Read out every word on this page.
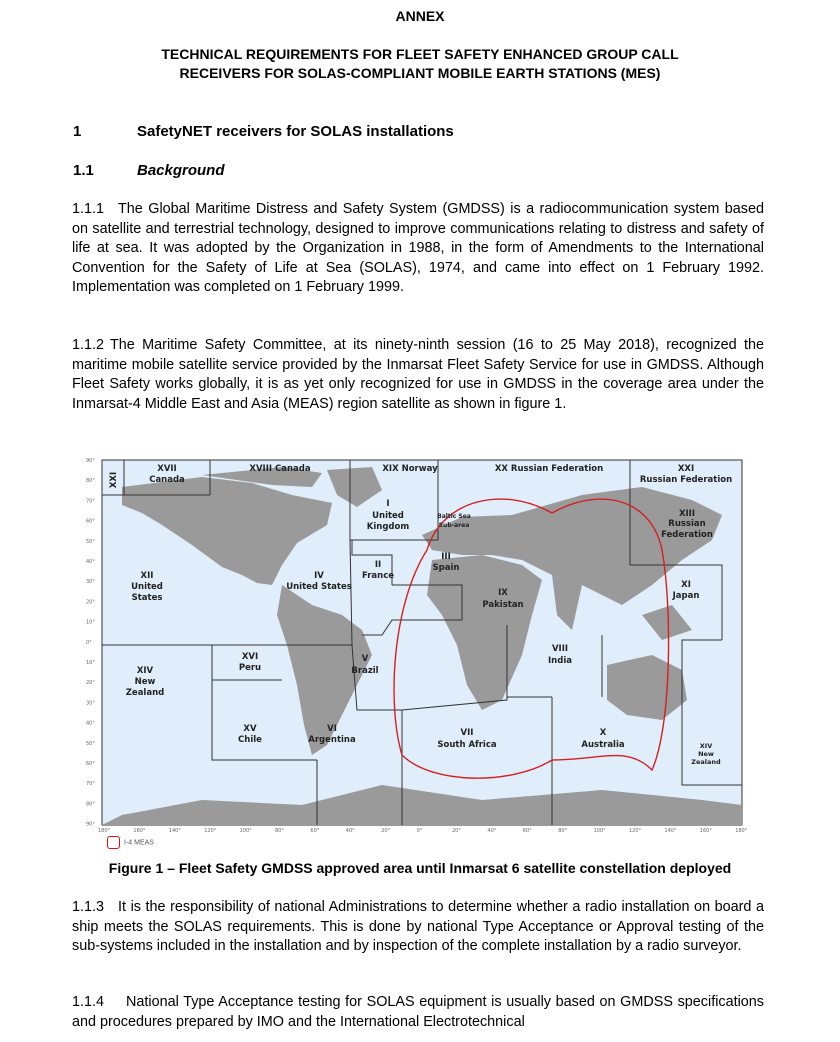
ANNEX
TECHNICAL REQUIREMENTS FOR FLEET SAFETY ENHANCED GROUP CALL
RECEIVERS FOR SOLAS-COMPLIANT MOBILE EARTH STATIONS (MES)
1	SafetyNET receivers for SOLAS installations
1.1	Background
1.1.1 The Global Maritime Distress and Safety System (GMDSS) is a radiocommunication system based on satellite and terrestrial technology, designed to improve communications relating to distress and safety of life at sea. It was adopted by the Organization in 1988, in the form of Amendments to the International Convention for the Safety of Life at Sea (SOLAS), 1974, and came into effect on 1 February 1992. Implementation was completed on 1 February 1999.
1.1.2 The Maritime Safety Committee, at its ninety-ninth session (16 to 25 May 2018), recognized the maritime mobile satellite service provided by the Inmarsat Fleet Safety Service for use in GMDSS. Although Fleet Safety works globally, it is as yet only recognized for use in GMDSS in the coverage area under the Inmarsat-4 Middle East and Asia (MEAS) region satellite as shown in figure 1.
XXI
XVII
Canada
XVIII Canada	XIX Norway	XX Russian Federation	XXI
Russian Federation
I
United
Kingdom
Baltic Sea
Sub-area
XIII
Russian
Federation
II
France
III
Spain
XII
United
States
IV
United States
IX
Pakistan
XI
Japan
VIII
India
XVI
Peru
V
Brazil
XIV
New
Zealand
XV
Chile
VI
Argentina
VII
South Africa
X
Australia	XIV
New
Zealand
90°
80°
70°
60°
50°
40°
30°
20°
10°
0°
10°
20°
30°
40°
50°
60°
70°
80°
90°
180°	160°	140°	120°	100°	80°	60°	40°	20°	0°	20°	40°	60°	80°	100°	120°	140°	160°	180°
I-4 MEAS
Figure 1 – Fleet Safety GMDSS approved area until Inmarsat 6 satellite constellation deployed
1.1.3 It is the responsibility of national Administrations to determine whether a radio installation on board a ship meets the SOLAS requirements. This is done by national Type Acceptance or Approval testing of the sub-systems included in the installation and by inspection of the complete installation by a radio surveyor.
1.1.4 National Type Acceptance testing for SOLAS equipment is usually based on GMDSS specifications and procedures prepared by IMO and the International Electrotechnical
